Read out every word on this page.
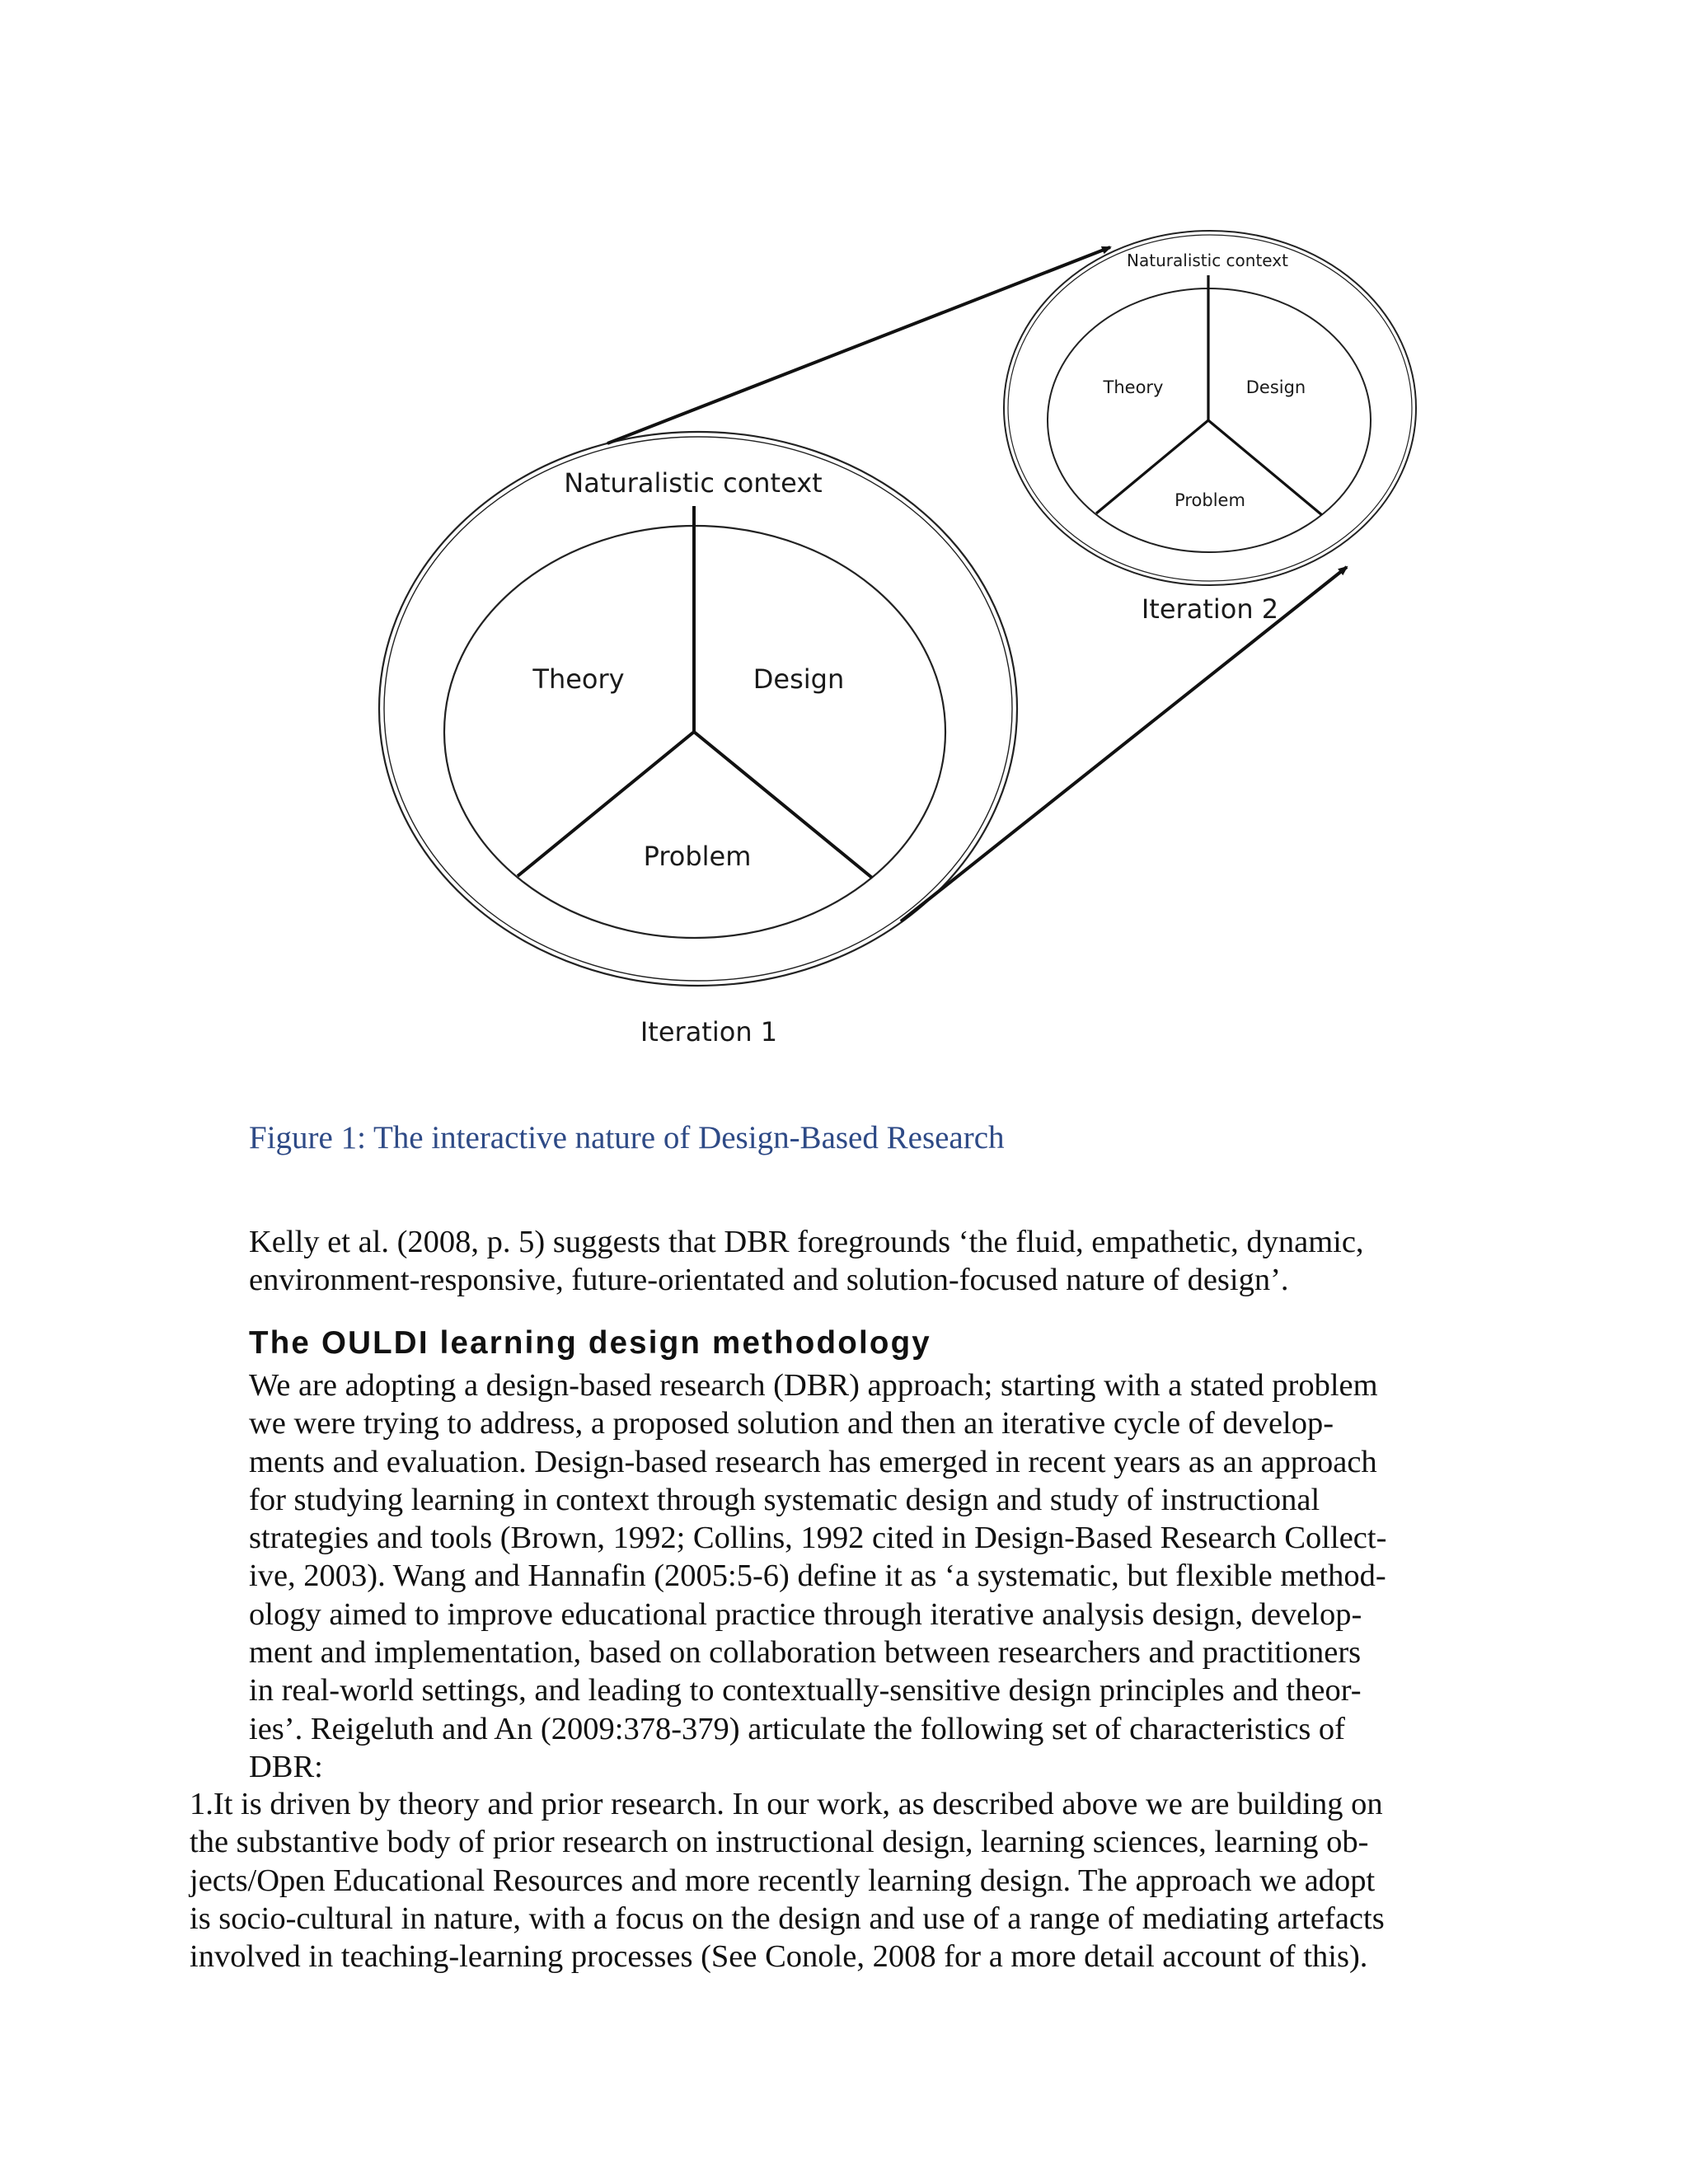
Naturalistic context
Theory	Design
Problem
Iteration 1
Naturalistic context
Theory	Design
Problem
Iteration 2
Figure 1: The interactive nature of Design-Based Research
Kelly et al. (2008, p. 5) suggests that DBR foregrounds ‘the fluid, empathetic, dynamic,
environment-responsive, future-orientated and solution-focused nature of design’.
The OULDI learning design methodology
We are adopting a design-based research (DBR) approach; starting with a stated problem
we were trying to address, a proposed solution and then an iterative cycle of develop-
ments and evaluation. Design-based research has emerged in recent years as an approach
for studying learning in context through systematic design and study of instructional
strategies and tools (Brown, 1992; Collins, 1992 cited in Design-Based Research Collect-
ive, 2003). Wang and Hannafin (2005:5-6) define it as ‘a systematic, but flexible method-
ology aimed to improve educational practice through iterative analysis design, develop-
ment and implementation, based on collaboration between researchers and practitioners
in real-world settings, and leading to contextually-sensitive design principles and theor-
ies’. Reigeluth and An (2009:378-379) articulate the following set of characteristics of
DBR:
1.It is driven by theory and prior research. In our work, as described above we are building on
the substantive body of prior research on instructional design, learning sciences, learning ob-
jects/Open Educational Resources and more recently learning design. The approach we adopt
is socio-cultural in nature, with a focus on the design and use of a range of mediating artefacts
involved in teaching-learning processes (See Conole, 2008 for a more detail account of this).
